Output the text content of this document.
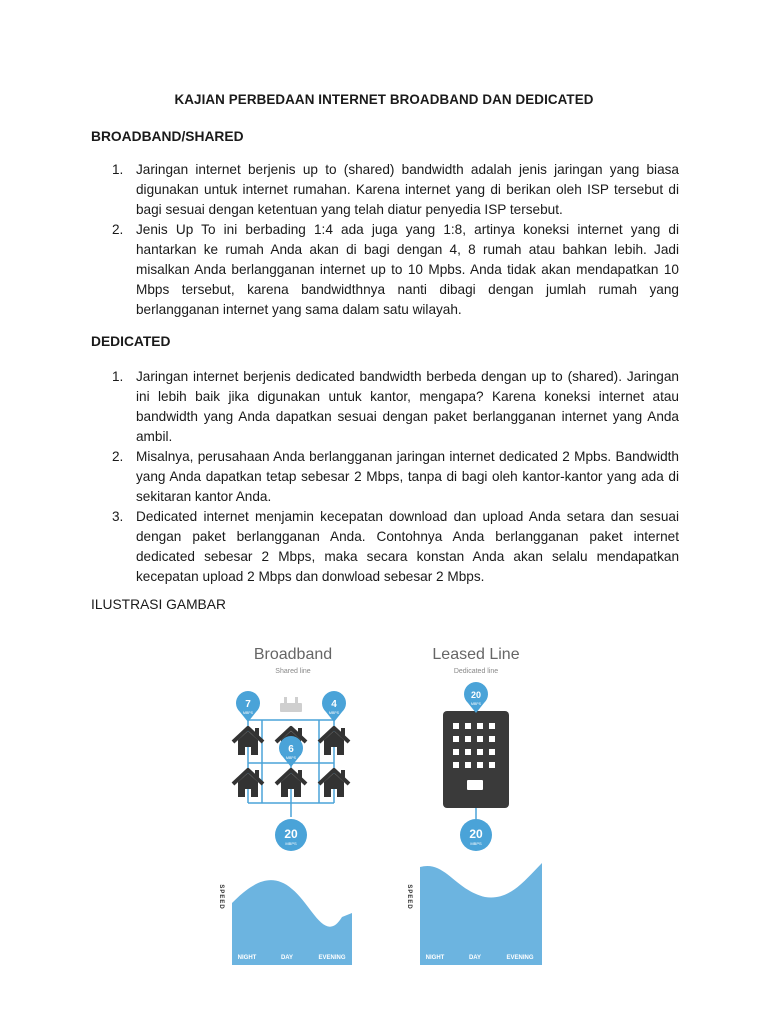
KAJIAN PERBEDAAN INTERNET BROADBAND DAN DEDICATED
BROADBAND/SHARED
1. Jaringan internet berjenis up to (shared) bandwidth adalah jenis jaringan yang biasa digunakan untuk internet rumahan. Karena internet yang di berikan oleh ISP tersebut di bagi sesuai dengan ketentuan yang telah diatur penyedia ISP tersebut.
2. Jenis Up To ini berbading 1:4 ada juga yang 1:8, artinya koneksi internet yang di hantarkan ke rumah Anda akan di bagi dengan 4, 8 rumah atau bahkan lebih. Jadi misalkan Anda berlangganan internet up to 10 Mpbs. Anda tidak akan mendapatkan 10 Mbps tersebut, karena bandwidthnya nanti dibagi dengan jumlah rumah yang berlangganan internet yang sama dalam satu wilayah.
DEDICATED
1. Jaringan internet berjenis dedicated bandwidth berbeda dengan up to (shared). Jaringan ini lebih baik jika digunakan untuk kantor, mengapa? Karena koneksi internet atau bandwidth yang Anda dapatkan sesuai dengan paket berlangganan internet yang Anda ambil.
2. Misalnya, perusahaan Anda berlangganan jaringan internet dedicated 2 Mpbs. Bandwidth yang Anda dapatkan tetap sebesar 2 Mbps, tanpa di bagi oleh kantor-kantor yang ada di sekitaran kantor Anda.
3. Dedicated internet menjamin kecepatan download dan upload Anda setara dan sesuai dengan paket berlangganan Anda. Contohnya Anda berlangganan paket internet dedicated sebesar 2 Mbps, maka secara konstan Anda akan selalu mendapatkan kecepatan upload 2 Mbps dan donwload sebesar 2 Mbps.
ILUSTRASI GAMBAR
Broadband
Shared line
7
MBPS
4
MBPS
6
MBPS
20
MBPS
Leased Line
Dedicated line
20
MBPS
20
MBPS
SPEED
NIGHT	DAY	EVENING
SPEED
NIGHT	DAY	EVENING
